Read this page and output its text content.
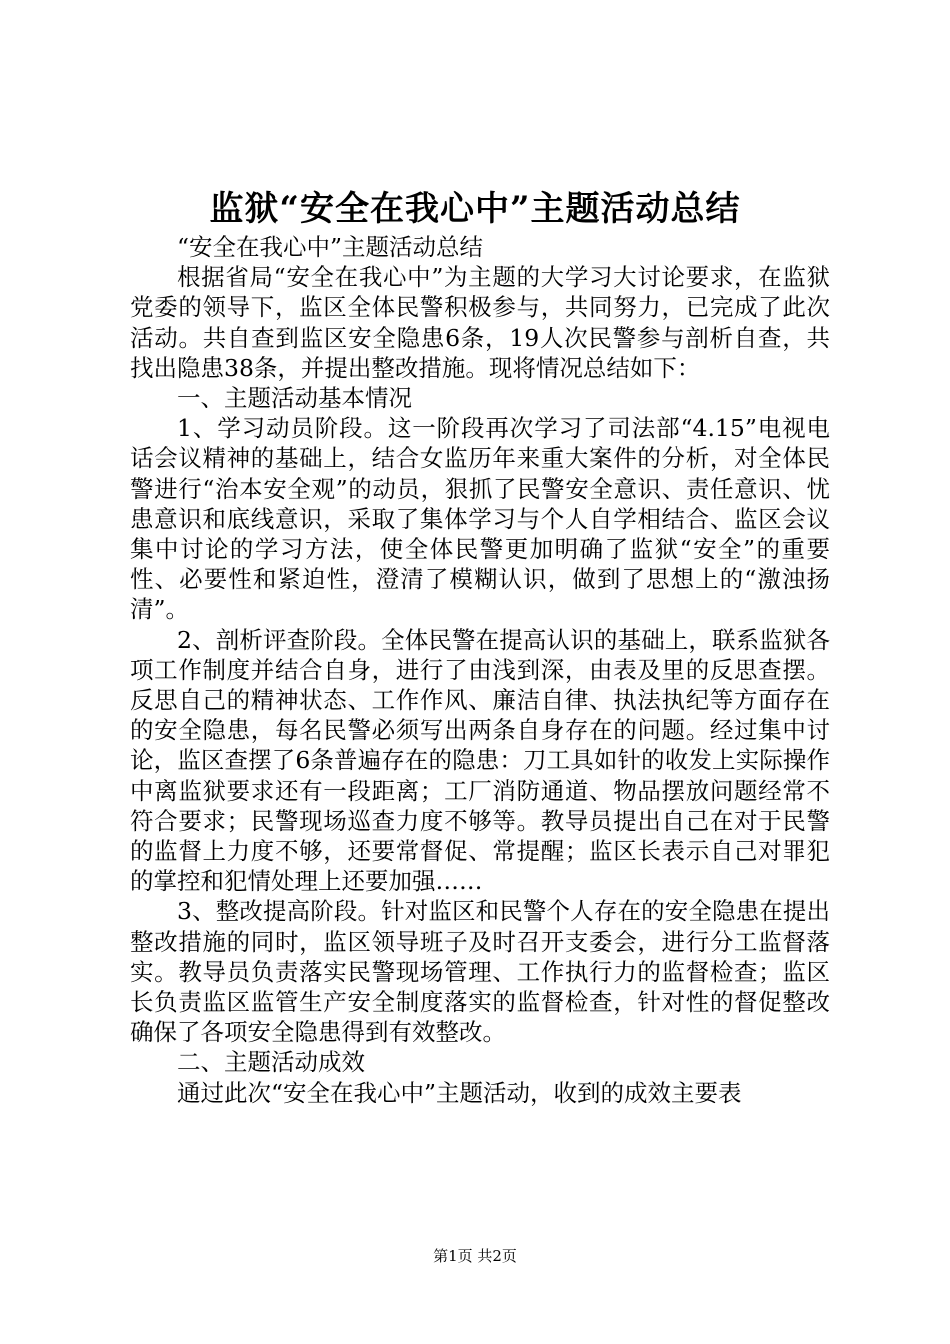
监狱“安全在我心中”主题活动总结

“安全在我心中”主题活动总结

根据省局“安全在我心中”为主题的大学习大讨论要求，在监狱党委的领导下，监区全体民警积极参与，共同努力，已完成了此次活动。共自查到监区安全隐患6条，19人次民警参与剖析自查，共找出隐患38条，并提出整改措施。现将情况总结如下：

一、主题活动基本情况

1、学习动员阶段。这一阶段再次学习了司法部“4.15”电视电话会议精神的基础上，结合女监历年来重大案件的分析，对全体民警进行“治本安全观”的动员，狠抓了民警安全意识、责任意识、忧患意识和底线意识，采取了集体学习与个人自学相结合、监区会议集中讨论的学习方法，使全体民警更加明确了监狱“安全”的重要性、必要性和紧迫性，澄清了模糊认识，做到了思想上的“激浊扬清”。

2、剖析评查阶段。全体民警在提高认识的基础上，联系监狱各项工作制度并结合自身，进行了由浅到深，由表及里的反思查摆。反思自己的精神状态、工作作风、廉洁自律、执法执纪等方面存在的安全隐患，每名民警必须写出两条自身存在的问题。经过集中讨论，监区查摆了6条普遍存在的隐患：刀工具如针的收发上实际操作中离监狱要求还有一段距离；工厂消防通道、物品摆放问题经常不符合要求；民警现场巡查力度不够等。教导员提出自己在对于民警的监督上力度不够，还要常督促、常提醒；监区长表示自己对罪犯的掌控和犯情处理上还要加强……

3、整改提高阶段。针对监区和民警个人存在的安全隐患在提出整改措施的同时，监区领导班子及时召开支委会，进行分工监督落实。教导员负责落实民警现场管理、工作执行力的监督检查；监区长负责监区监管生产安全制度落实的监督检查，针对性的督促整改确保了各项安全隐患得到有效整改。

二、主题活动成效

通过此次“安全在我心中”主题活动，收到的成效主要表

第1页 共2页
